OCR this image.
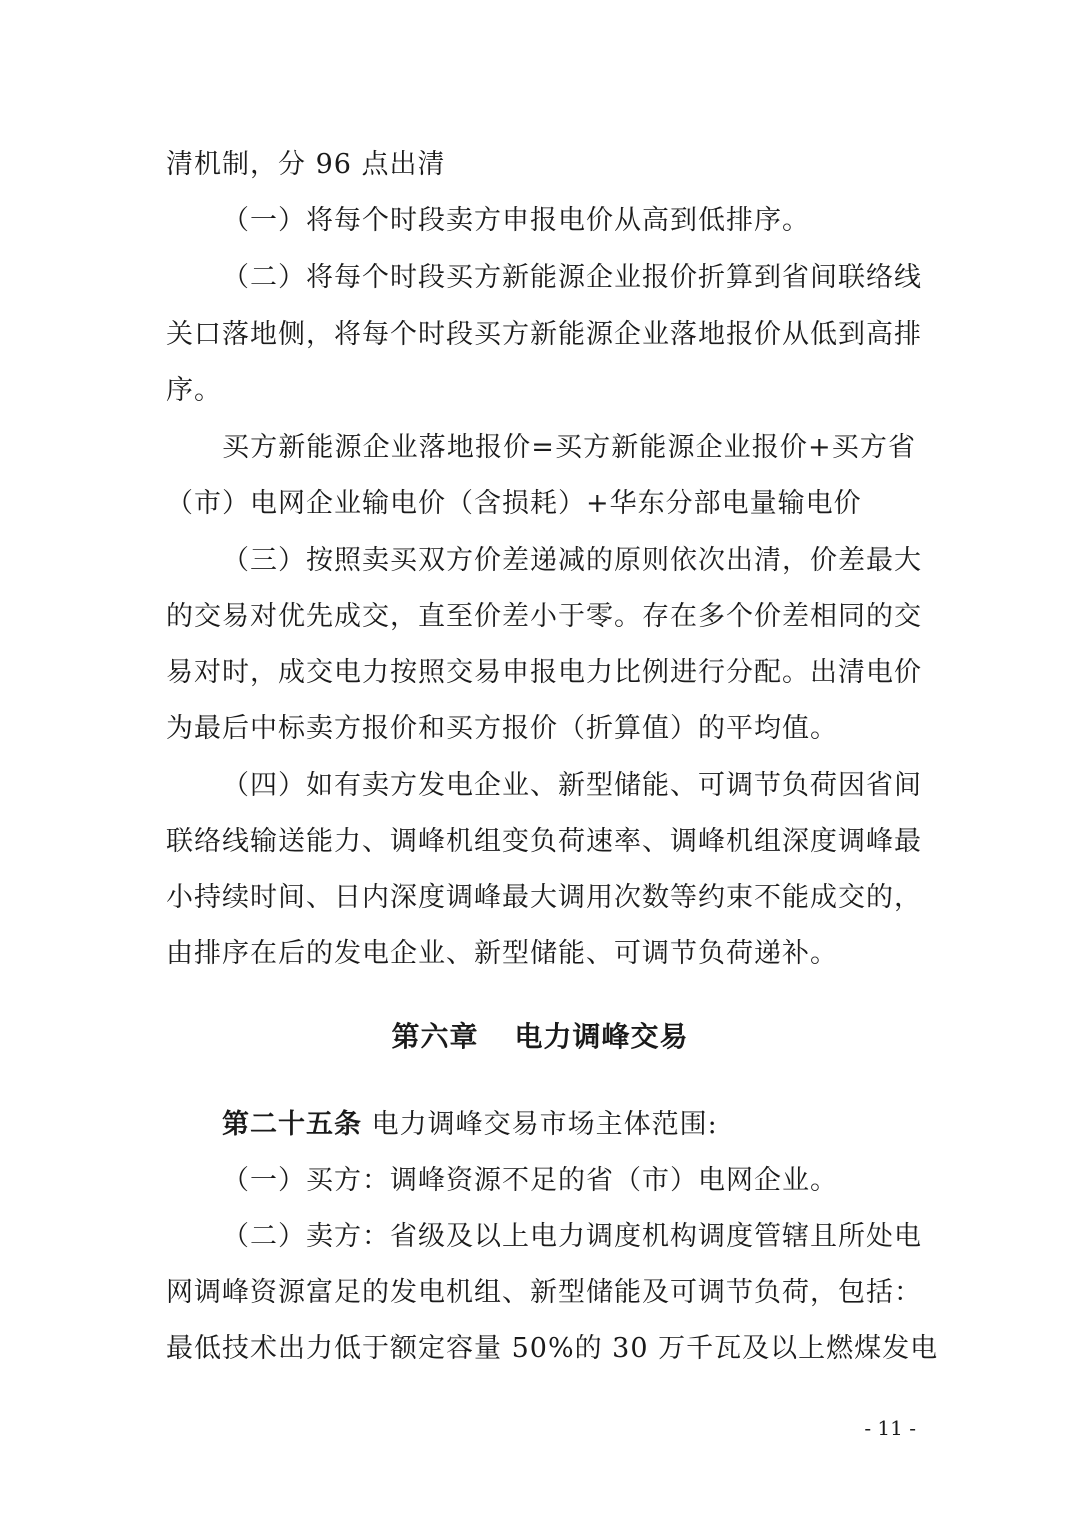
清机制，分 96 点出清
（一）将每个时段卖方申报电价从高到低排序。
（二）将每个时段买方新能源企业报价折算到省间联络线
关口落地侧，将每个时段买方新能源企业落地报价从低到高排
序。
买方新能源企业落地报价=买方新能源企业报价+买方省
（市）电网企业输电价（含损耗）+华东分部电量输电价
（三）按照卖买双方价差递减的原则依次出清，价差最大
的交易对优先成交，直至价差小于零。存在多个价差相同的交
易对时，成交电力按照交易申报电力比例进行分配。出清电价
为最后中标卖方报价和买方报价（折算值）的平均值。
（四）如有卖方发电企业、新型储能、可调节负荷因省间
联络线输送能力、调峰机组变负荷速率、调峰机组深度调峰最
小持续时间、日内深度调峰最大调用次数等约束不能成交的，
由排序在后的发电企业、新型储能、可调节负荷递补。
第六章 电力调峰交易
第二十五条 电力调峰交易市场主体范围:
（一）买方：调峰资源不足的省（市）电网企业。
（二）卖方：省级及以上电力调度机构调度管辖且所处电
网调峰资源富足的发电机组、新型储能及可调节负荷，包括：
最低技术出力低于额定容量 50%的 30 万千瓦及以上燃煤发电
- 11 -
